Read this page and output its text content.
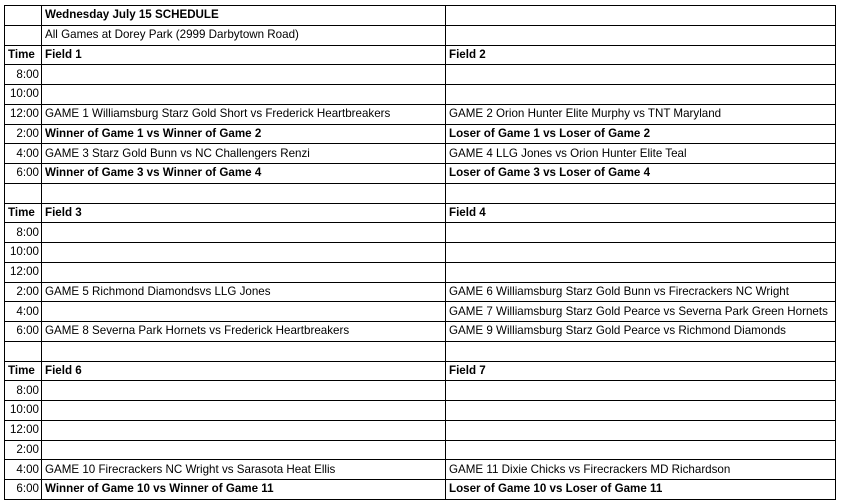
	Wednesday July 15 SCHEDULE	
	All Games at Dorey Park (2999 Darbytown Road)	
Time	Field 1	Field 2
8:00		
10:00		
12:00	GAME 1 Williamsburg Starz Gold Short vs Frederick Heartbreakers	GAME 2 Orion Hunter Elite Murphy vs TNT Maryland
2:00	Winner of Game 1 vs Winner of Game 2	Loser of Game 1 vs Loser of Game 2
4:00	GAME 3 Starz Gold Bunn vs NC Challengers Renzi	GAME 4 LLG Jones vs Orion Hunter Elite Teal
6:00	Winner of Game 3 vs Winner of Game 4	Loser of Game 3 vs Loser of Game 4

Time	Field 3	Field 4
8:00		
10:00		
12:00		
2:00	GAME 5 Richmond Diamondsvs LLG Jones	GAME 6 Williamsburg Starz Gold Bunn vs Firecrackers NC Wright
4:00		GAME 7 Williamsburg Starz Gold Pearce vs Severna Park Green Hornets
6:00	GAME 8 Severna Park Hornets vs Frederick Heartbreakers	GAME 9 Williamsburg Starz Gold Pearce vs Richmond Diamonds

Time	Field 6	Field 7
8:00		
10:00		
12:00		
2:00		
4:00	GAME 10 Firecrackers NC Wright vs Sarasota Heat Ellis	GAME 11 Dixie Chicks vs Firecrackers MD Richardson
6:00	Winner of Game 10 vs Winner of Game 11	Loser of Game 10 vs Loser of Game 11
